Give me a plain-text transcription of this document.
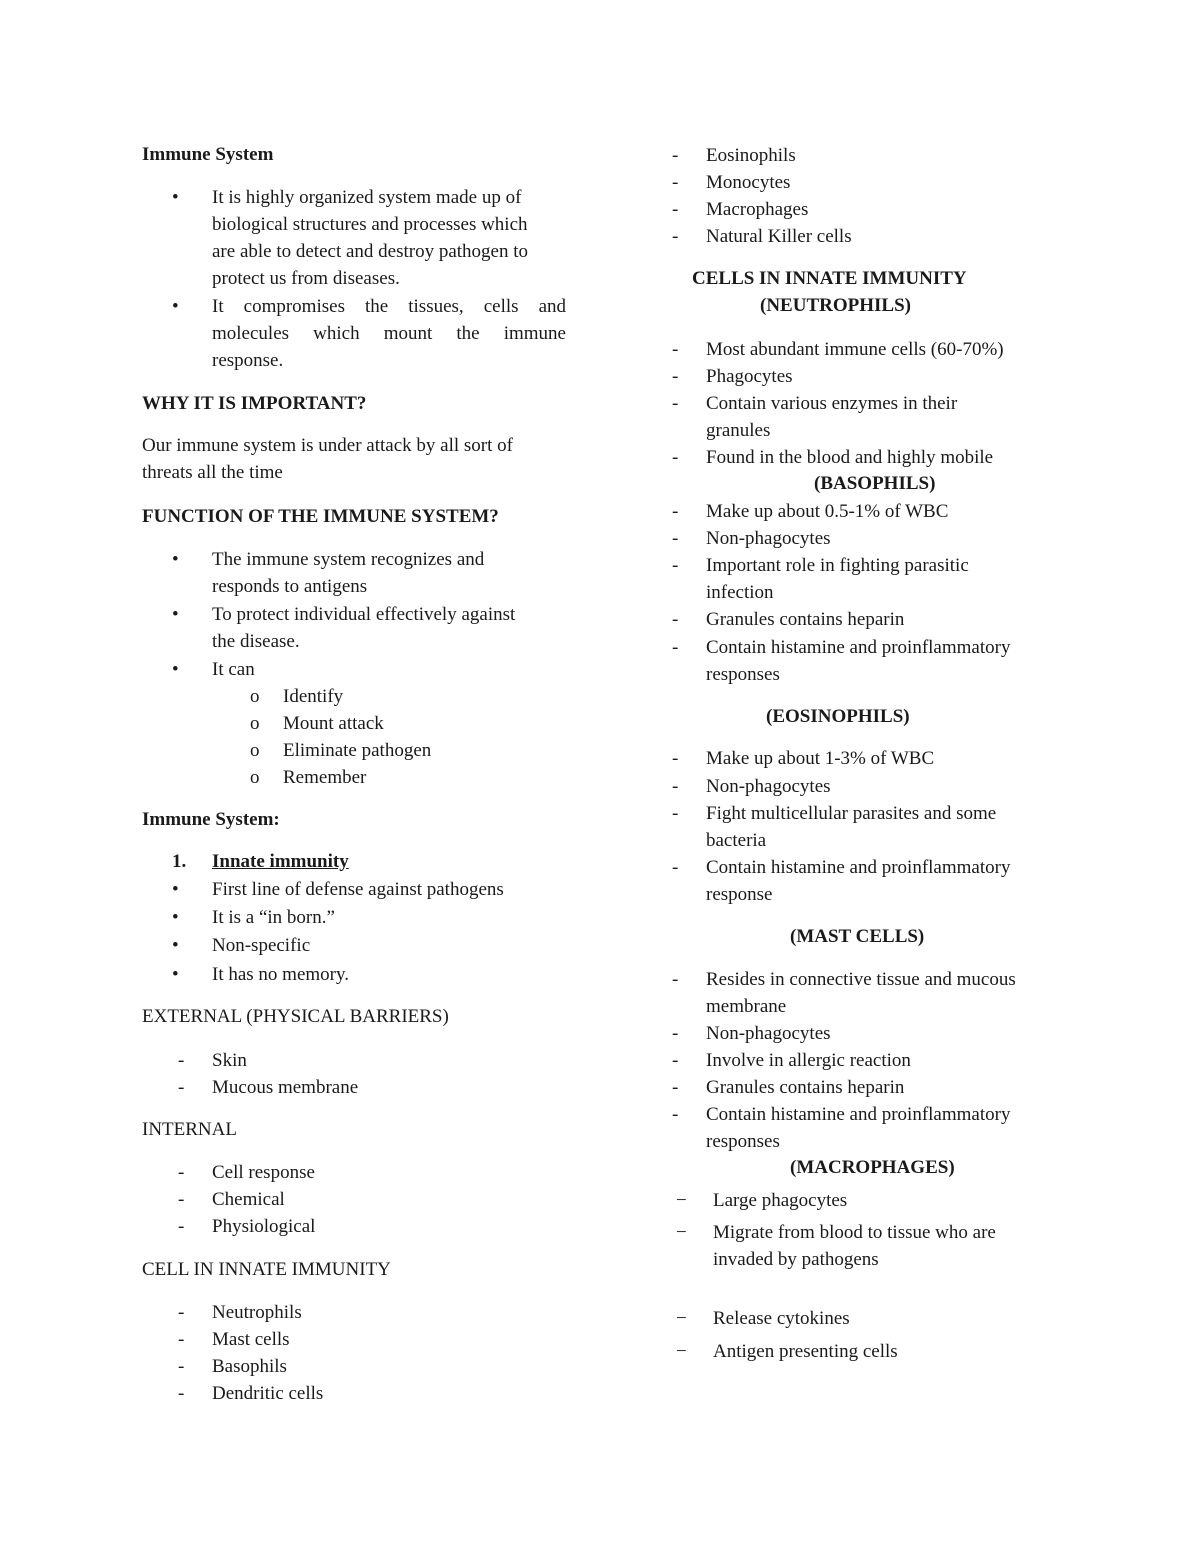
Immune System
• It is highly organized system made up of
biological structures and processes which
are able to detect and destroy pathogen to
protect us from diseases.
• It compromises the tissues, cells and
molecules which mount the immune
response.
WHY IT IS IMPORTANT?
Our immune system is under attack by all sort of
threats all the time
FUNCTION OF THE IMMUNE SYSTEM?
• The immune system recognizes and
responds to antigens
• To protect individual effectively against
the disease.
• It can
o Identify
o Mount attack
o Eliminate pathogen
o Remember
Immune System:
1. Innate immunity
• First line of defense against pathogens
• It is a “in born.”
• Non-specific
• It has no memory.
EXTERNAL (PHYSICAL BARRIERS)
- Skin
- Mucous membrane
INTERNAL
- Cell response
- Chemical
- Physiological
CELL IN INNATE IMMUNITY
- Neutrophils
- Mast cells
- Basophils
- Dendritic cells
- Eosinophils
- Monocytes
- Macrophages
- Natural Killer cells
CELLS IN INNATE IMMUNITY
(NEUTROPHILS)
- Most abundant immune cells (60-70%)
- Phagocytes
- Contain various enzymes in their
granules
- Found in the blood and highly mobile
(BASOPHILS)
- Make up about 0.5-1% of WBC
- Non-phagocytes
- Important role in fighting parasitic
infection
- Granules contains heparin
- Contain histamine and proinflammatory
responses
(EOSINOPHILS)
- Make up about 1-3% of WBC
- Non-phagocytes
- Fight multicellular parasites and some
bacteria
- Contain histamine and proinflammatory
response
(MAST CELLS)
- Resides in connective tissue and mucous
membrane
- Non-phagocytes
- Involve in allergic reaction
- Granules contains heparin
- Contain histamine and proinflammatory
responses
(MACROPHAGES)
− Large phagocytes
− Migrate from blood to tissue who are
invaded by pathogens
− Release cytokines
− Antigen presenting cells
